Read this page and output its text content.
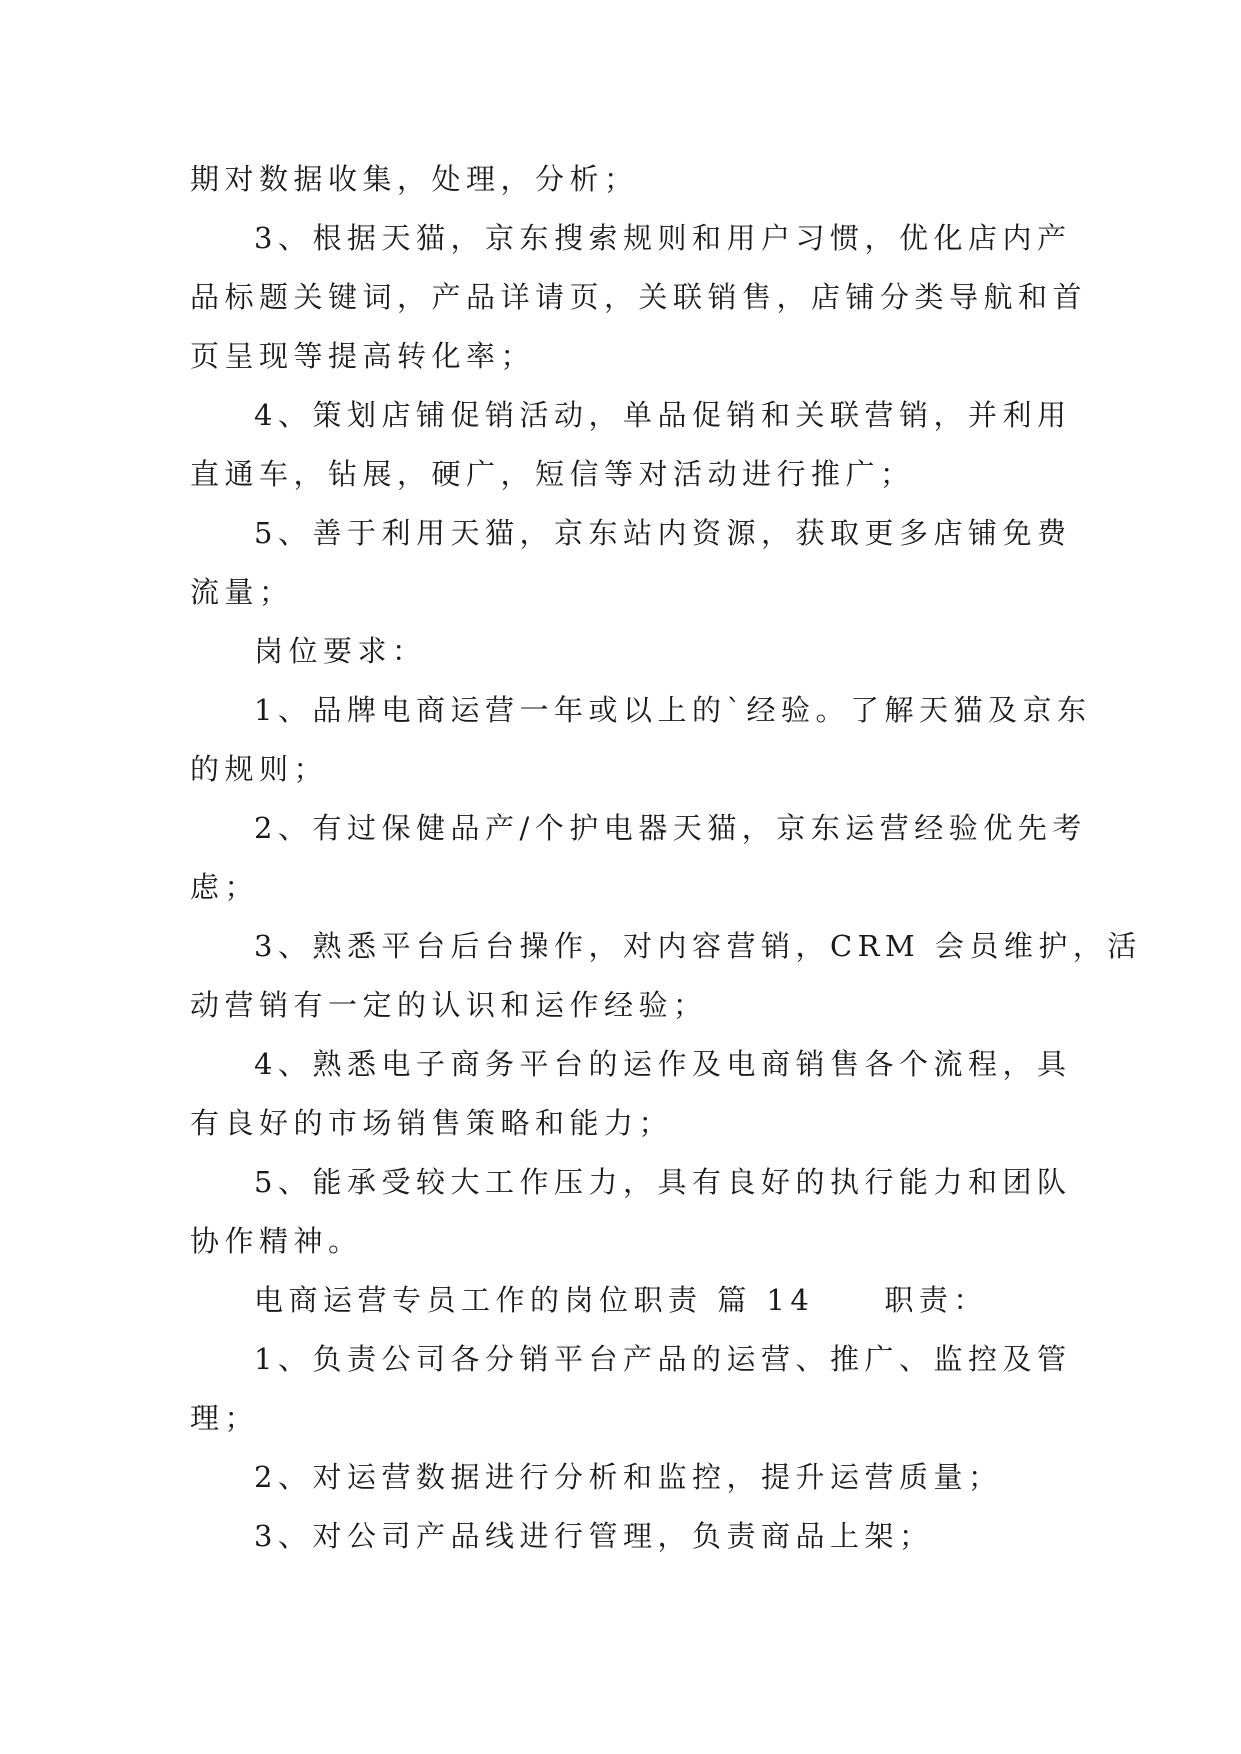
期对数据收集，处理，分析；
3、根据天猫，京东搜索规则和用户习惯，优化店内产
品标题关键词，产品详请页，关联销售，店铺分类导航和首
页呈现等提高转化率；
4、策划店铺促销活动，单品促销和关联营销，并利用
直通车，钻展，硬广，短信等对活动进行推广；
5、善于利用天猫，京东站内资源，获取更多店铺免费
流量；
岗位要求：
1、品牌电商运营一年或以上的`经验。了解天猫及京东
的规则；
2、有过保健品产/个护电器天猫，京东运营经验优先考
虑；
3、熟悉平台后台操作，对内容营销，CRM 会员维护，活
动营销有一定的认识和运作经验；
4、熟悉电子商务平台的运作及电商销售各个流程，具
有良好的市场销售策略和能力；
5、能承受较大工作压力，具有良好的执行能力和团队
协作精神。
电商运营专员工作的岗位职责 篇 14 职责：
1、负责公司各分销平台产品的运营、推广、监控及管
理；
2、对运营数据进行分析和监控，提升运营质量；
3、对公司产品线进行管理，负责商品上架；
